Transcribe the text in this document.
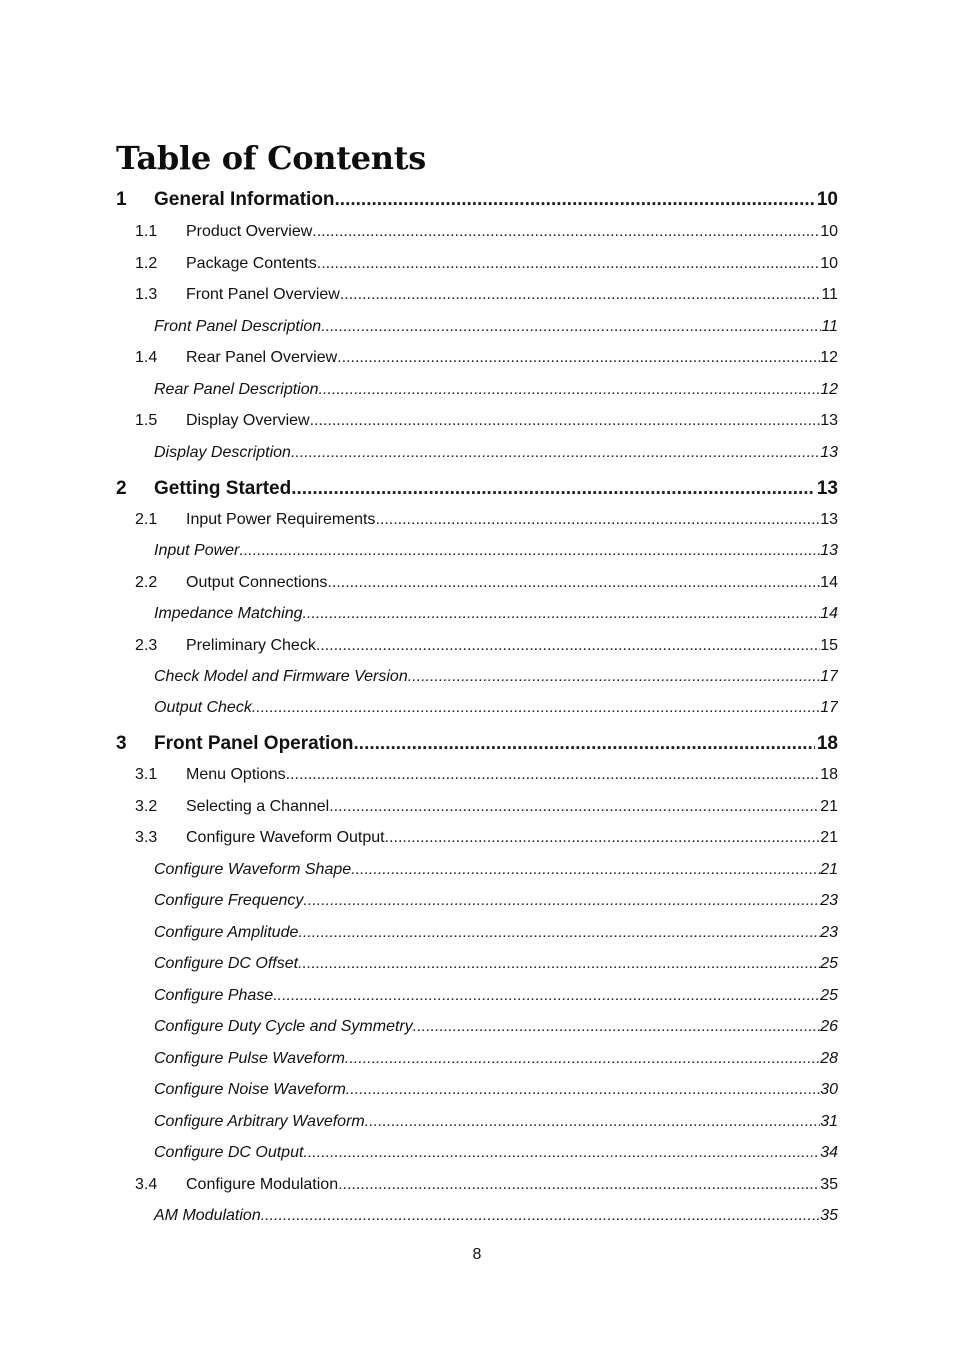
Table of Contents
1	General Information .....	10
1.1	Product Overview .....	10
1.2	Package Contents .....	10
1.3	Front Panel Overview .....	11
Front Panel Description .....	11
1.4	Rear Panel Overview .....	12
Rear Panel Description .....	12
1.5	Display Overview .....	13
Display Description .....	13
2	Getting Started .....	13
2.1	Input Power Requirements .....	13
Input Power .....	13
2.2	Output Connections .....	14
Impedance Matching .....	14
2.3	Preliminary Check .....	15
Check Model and Firmware Version .....	17
Output Check .....	17
3	Front Panel Operation .....	18
3.1	Menu Options .....	18
3.2	Selecting a Channel .....	21
3.3	Configure Waveform Output .....	21
Configure Waveform Shape .....	21
Configure Frequency .....	23
Configure Amplitude .....	23
Configure DC Offset .....	25
Configure Phase .....	25
Configure Duty Cycle and Symmetry .....	26
Configure Pulse Waveform .....	28
Configure Noise Waveform .....	30
Configure Arbitrary Waveform .....	31
Configure DC Output .....	34
3.4	Configure Modulation .....	35
AM Modulation .....	35
8
